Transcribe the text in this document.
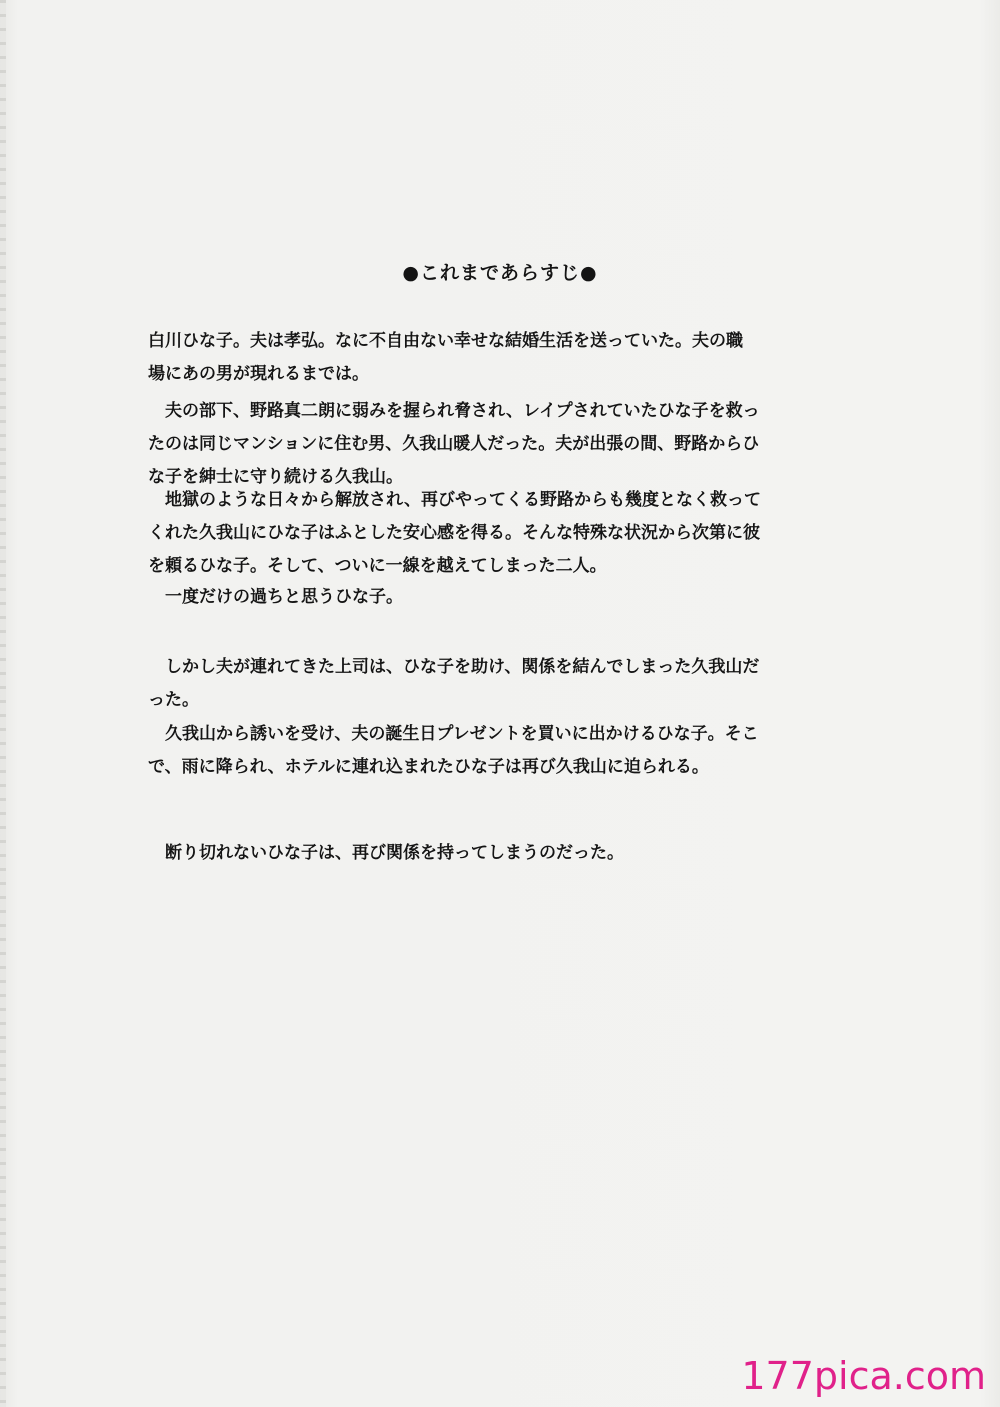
●これまであらすじ●
白川ひな子。夫は孝弘。なに不自由ない幸せな結婚生活を送っていた。夫の職
場にあの男が現れるまでは。
　夫の部下、野路真二朗に弱みを握られ脅され、レイプされていたひな子を救っ
たのは同じマンションに住む男、久我山暖人だった。夫が出張の間、野路からひ
な子を紳士に守り続ける久我山。
　地獄のような日々から解放され、再びやってくる野路からも幾度となく救って
くれた久我山にひな子はふとした安心感を得る。そんな特殊な状況から次第に彼
を頼るひな子。そして、ついに一線を越えてしまった二人。
　一度だけの過ちと思うひな子。
　しかし夫が連れてきた上司は、ひな子を助け、関係を結んでしまった久我山だ
った。
　久我山から誘いを受け、夫の誕生日プレゼントを買いに出かけるひな子。そこ
で、雨に降られ、ホテルに連れ込まれたひな子は再び久我山に迫られる。
　断り切れないひな子は、再び関係を持ってしまうのだった。
177pica.com
